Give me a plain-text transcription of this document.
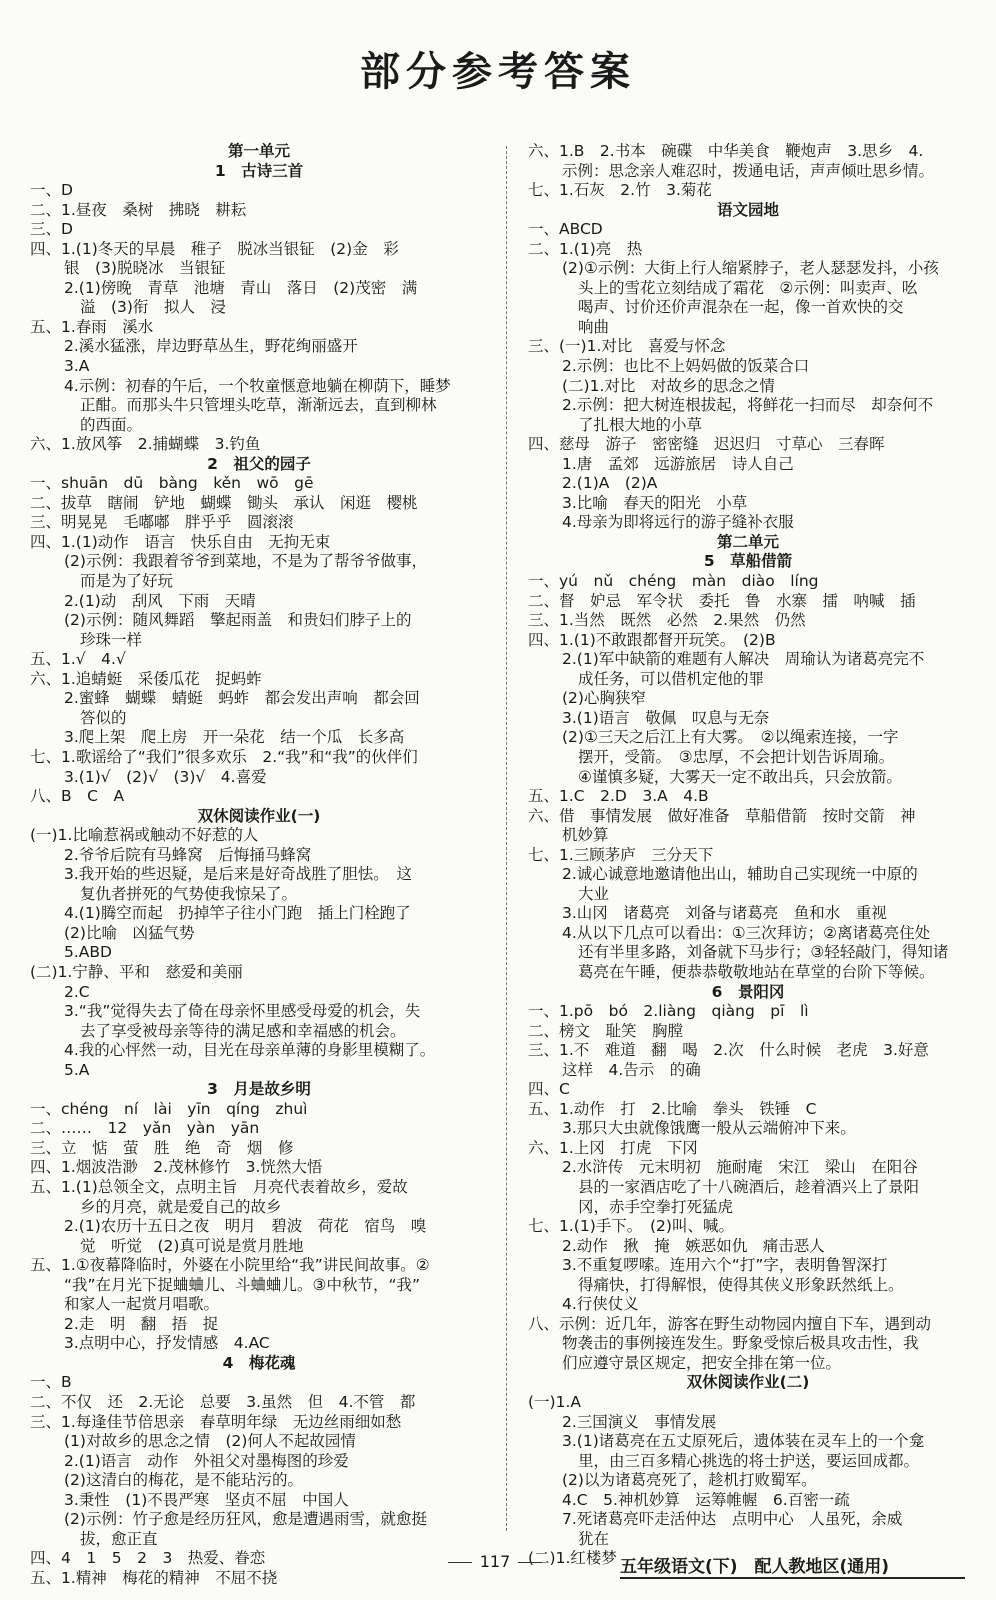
部分参考答案
第一单元
1　古诗三首
一、D
二、1.昼夜　桑树　拂晓　耕耘
三、D
四、1.(1)冬天的早晨　稚子　脱冰当银钲　(2)金　彩
银　(3)脱晓冰　当银钲
2.(1)傍晚　青草　池塘　青山　落日　(2)茂密　满
溢　(3)衔　拟人　浸
五、1.春雨　溪水
2.溪水猛涨，岸边野草丛生，野花绚丽盛开
3.A
4.示例：初春的午后，一个牧童惬意地躺在柳荫下，睡梦
正酣。而那头牛只管埋头吃草，渐渐远去，直到柳林
的西面。
六、1.放风筝　2.捕蝴蝶　3.钓鱼
2　祖父的园子
一、shuān　dū　bàng　kěn　wō　gē
二、拔草　瞎闹　铲地　蝴蝶　锄头　承认　闲逛　樱桃
三、明晃晃　毛嘟嘟　胖乎乎　圆滚滚
四、1.(1)动作　语言　快乐自由　无拘无束
(2)示例：我跟着爷爷到菜地，不是为了帮爷爷做事，
而是为了好玩
2.(1)动　刮风　下雨　天晴
(2)示例：随风舞蹈　擎起雨盖　和贵妇们脖子上的
珍珠一样
五、1.√　4.√
六、1.追蜻蜓　采倭瓜花　捉蚂蚱
2.蜜蜂　蝴蝶　蜻蜓　蚂蚱　都会发出声响　都会回
答似的
3.爬上架　爬上房　开一朵花　结一个瓜　长多高
七、1.歌谣给了“我们”很多欢乐　2.“我”和“我”的伙伴们
3.(1)√　(2)√　(3)√　4.喜爱
八、B　C　A
双休阅读作业(一)
(一)1.比喻惹祸或触动不好惹的人
2.爷爷后院有马蜂窝　后悔捅马蜂窝
3.我开始的些迟疑，是后来是好奇战胜了胆怯。　这
复仇者拼死的气势使我惊呆了。
4.(1)腾空而起　扔掉竿子往小门跑　插上门栓跑了
(2)比喻　凶猛气势
5.ABD
(二)1.宁静、平和　慈爱和美丽
2.C
3.“我”觉得失去了倚在母亲怀里感受母爱的机会，失
去了享受被母亲等待的满足感和幸福感的机会。
4.我的心怦然一动，目光在母亲单薄的身影里模糊了。
5.A
3　月是故乡明
一、chéng　ní　lài　yīn　qíng　zhuì
二、……　12　yǎn　yàn　yān
三、立　惦　萤　胜　绝　奇　烟　修
四、1.烟波浩渺　2.茂林修竹　3.恍然大悟
五、1.(1)总领全文，点明主旨　月亮代表着故乡，爱故
乡的月亮，就是爱自己的故乡
2.(1)农历十五日之夜　明月　碧波　荷花　宿鸟　嗅
觉　听觉　(2)真可说是赏月胜地
五、1.①夜幕降临时，外婆在小院里给“我”讲民间故事。②
“我”在月光下捉蛐蛐儿、斗蛐蛐儿。③中秋节，“我”
和家人一起赏月唱歌。
2.走　明　翻　捂　捉
3.点明中心，抒发情感　4.AC
4　梅花魂
一、B
二、不仅　还　2.无论　总要　3.虽然　但　4.不管　都
三、1.每逢佳节倍思亲　春草明年绿　无边丝雨细如愁
(1)对故乡的思念之情　(2)何人不起故园情
2.(1)语言　动作　外祖父对墨梅图的珍爱
(2)这清白的梅花，是不能玷污的。
3.秉性　(1)不畏严寒　坚贞不屈　中国人
(2)示例：竹子愈是经历狂风，愈是遭遇雨雪，就愈挺
拔，愈正直
四、4　1　5　2　3　热爱、眷恋
五、1.精神　梅花的精神　不屈不挠
六、1.B　2.书本　碗碟　中华美食　鞭炮声　3.思乡　4.
示例：思念亲人难忍时，拨通电话，声声倾吐思乡情。
七、1.石灰　2.竹　3.菊花
语文园地
一、ABCD
二、1.(1)亮　热
(2)①示例：大街上行人缩紧脖子，老人瑟瑟发抖，小孩
头上的雪花立刻结成了霜花　②示例：叫卖声、吆
喝声、讨价还价声混杂在一起，像一首欢快的交
响曲
三、(一)1.对比　喜爱与怀念
2.示例：也比不上妈妈做的饭菜合口
(二)1.对比　对故乡的思念之情
2.示例：把大树连根拔起，将鲜花一扫而尽　却奈何不
了扎根大地的小草
四、慈母　游子　密密缝　迟迟归　寸草心　三春晖
1.唐　孟郊　远游旅居　诗人自己
2.(1)A　(2)A
3.比喻　春天的阳光　小草
4.母亲为即将远行的游子缝补衣服
第二单元
5　草船借箭
一、yú　nǔ　chéng　màn　diào　líng
二、督　妒忌　军令状　委托　鲁　水寨　擂　呐喊　插
三、1.当然　既然　必然　2.果然　仍然
四、1.(1)不敢跟都督开玩笑。　(2)B
2.(1)军中缺箭的难题有人解决　周瑜认为诸葛亮完不
成任务，可以借机定他的罪
(2)心胸狭窄
3.(1)语言　敬佩　叹息与无奈
(2)①三天之后江上有大雾。　②以绳索连接，一字
摆开，受箭。　③忠厚，不会把计划告诉周瑜。
④谨慎多疑，大雾天一定不敢出兵，只会放箭。
五、1.C　2.D　3.A　4.B
六、借　事情发展　做好准备　草船借箭　按时交箭　神
机妙算
七、1.三顾茅庐　三分天下
2.诚心诚意地邀请他出山，辅助自己实现统一中原的
大业
3.山冈　诸葛亮　刘备与诸葛亮　鱼和水　重视
4.从以下几点可以看出：①三次拜访；②离诸葛亮住处
还有半里多路，刘备就下马步行；③轻轻敲门，得知诸
葛亮在午睡，便恭恭敬敬地站在草堂的台阶下等候。
6　景阳冈
一、1.pō　bó　2.liàng　qiàng　pī　lì
二、榜文　耻笑　胸膛
三、1.不　难道　翻　喝　2.次　什么时候　老虎　3.好意
这样　4.告示　的确
四、C
五、1.动作　打　2.比喻　拳头　铁锤　C
3.那只大虫就像饿鹰一般从云端俯冲下来。
六、1.上冈　打虎　下冈
2.水浒传　元末明初　施耐庵　宋江　梁山　在阳谷
县的一家酒店吃了十八碗酒后，趁着酒兴上了景阳
冈，赤手空拳打死猛虎
七、1.(1)手下。　(2)叫、喊。
2.动作　揪　掩　嫉恶如仇　痛击恶人
3.不重复啰嗦。连用六个“打”字，表明鲁智深打
得痛快，打得解恨，使得其侠义形象跃然纸上。
4.行侠仗义
八、示例：近几年，游客在野生动物园内擅自下车，遇到动
物袭击的事例接连发生。野象受惊后极具攻击性，我
们应遵守景区规定，把安全排在第一位。
双休阅读作业(二)
(一)1.A
2.三国演义　事情发展
3.(1)诸葛亮在五丈原死后，遗体装在灵车上的一个龛
里，由三百多精心挑选的将士护送，要运回成都。
(2)以为诸葛亮死了，趁机打败蜀军。
4.C　5.神机妙算　运筹帷幄　6.百密一疏
7.死诸葛亮吓走活仲达　点明中心　人虽死，余威
犹在
(二)1.红楼梦
117	五年级语文(下)　配人教地区(通用)
